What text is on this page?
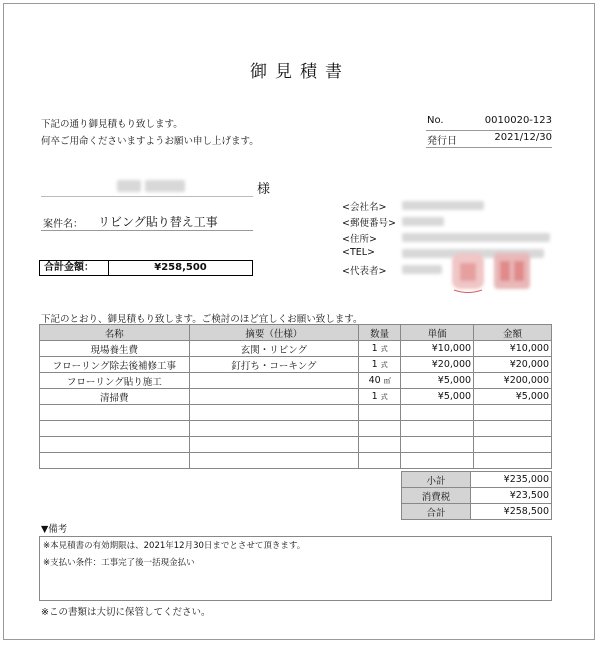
御見積書
下記の通り御見積もり致します。
何卒ご用命くださいますようお願い申し上げます。
No.	0010020-123
発行日	2021/12/30
様
案件名： リビング貼り替え工事
合計金額：	¥258,500
<会社名>
<郵便番号>
<住所>
<TEL>
<代表者>
下記のとおり、御見積もり致します。ご検討のほど宜しくお願い致します。
名称	摘要（仕様）	数量	単価	金額
現場養生費	玄関・リビング	1 式	¥10,000	¥10,000
フローリング除去後補修工事	釘打ち・コーキング	1 式	¥20,000	¥20,000
フローリング貼り施工		40 ㎡	¥5,000	¥200,000
清掃費		1 式	¥5,000	¥5,000

小計	¥235,000
消費税	¥23,500
合計	¥258,500
▼備考
※本見積書の有効期限は、2021年12月30日までとさせて頂きます。
※支払い条件：工事完了後一括現金払い
※この書類は大切に保管してください。
